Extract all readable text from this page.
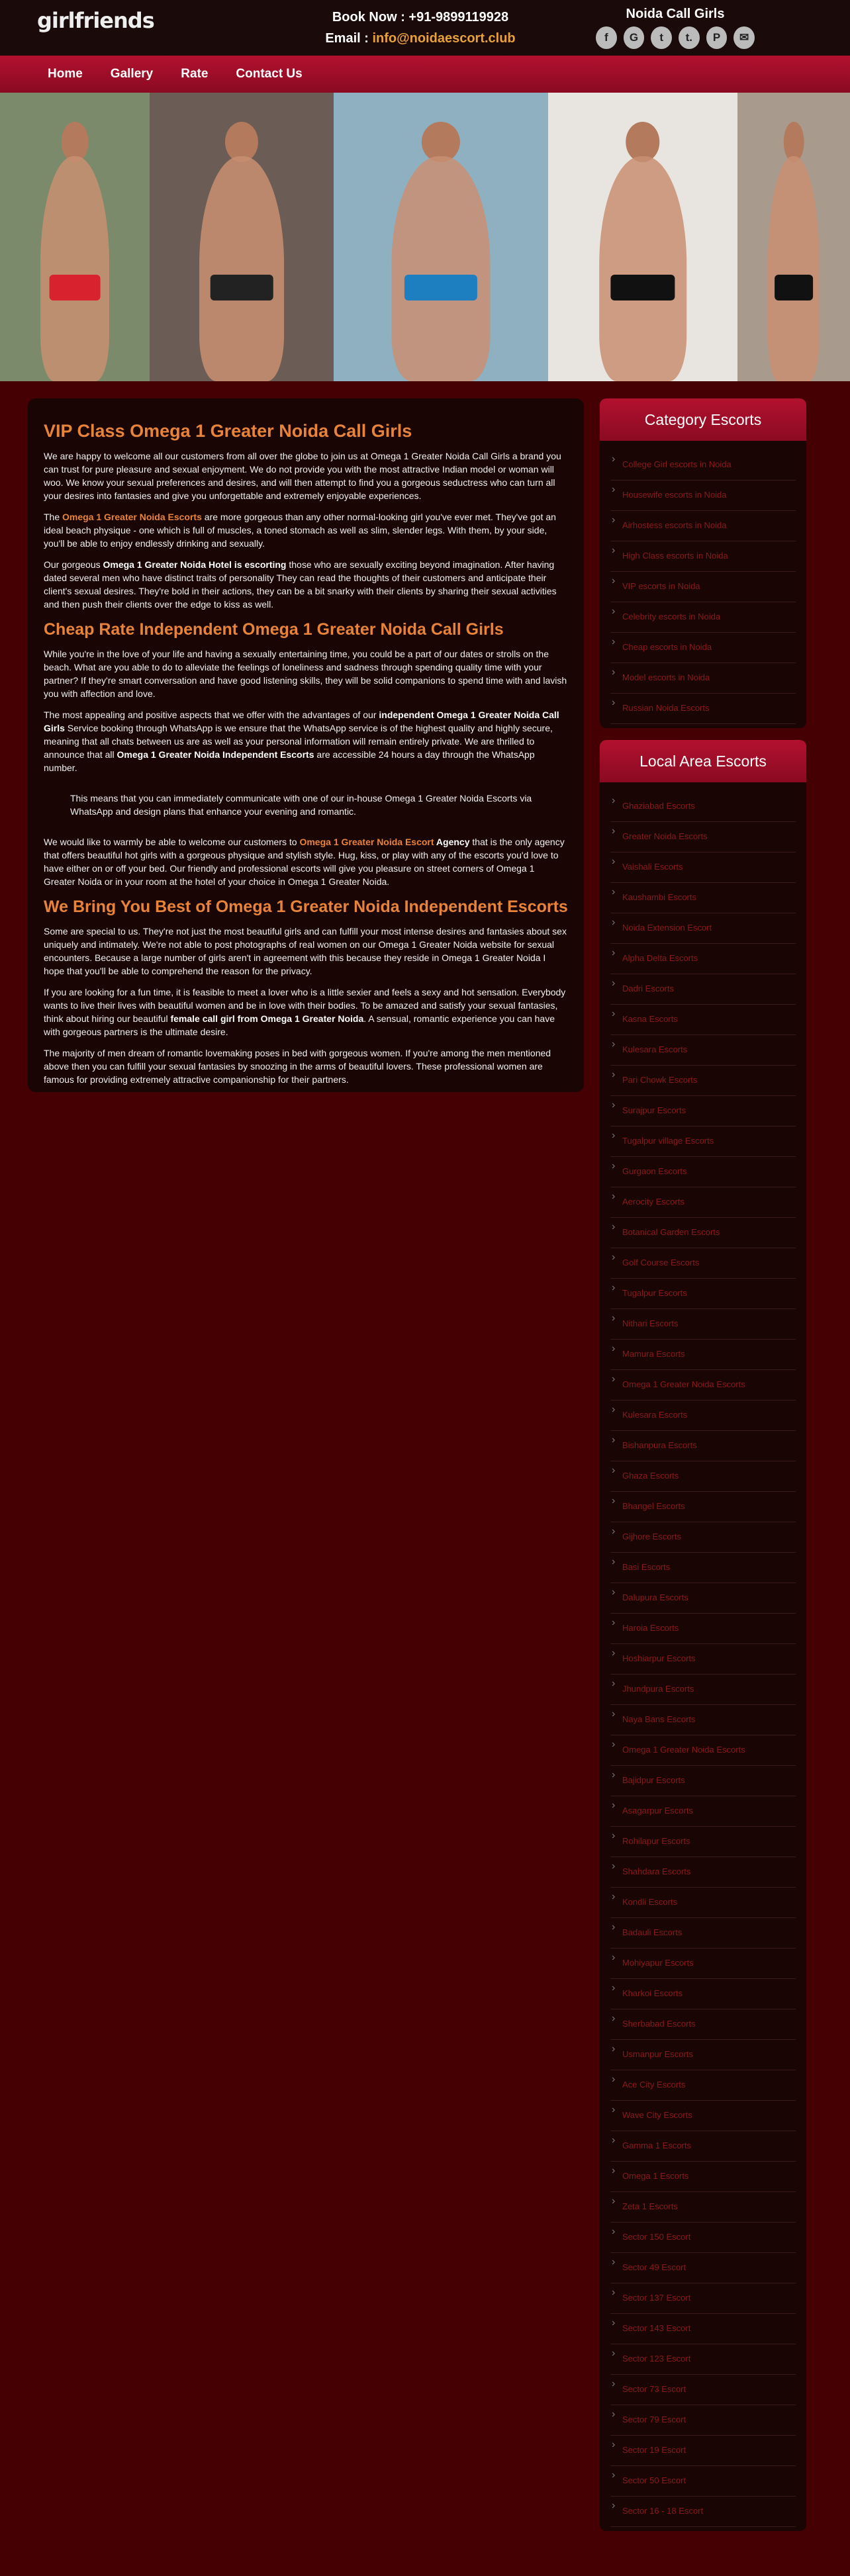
girlfriends	Book Now : +91-9899119928
Email : info@noidaescort.club
Noida Call Girls
f	G	t	t.	P	✉
Home Gallery Rate Contact Us
VIP Class Omega 1 Greater Noida Call Girls

We are happy to welcome all our customers from all over the globe to join us at Omega 1 Greater Noida Call Girls a brand you can trust for pure pleasure and sexual enjoyment. We do not provide you with the most attractive Indian model or woman will woo. We know your sexual preferences and desires, and will then attempt to find you a gorgeous seductress who can turn all your desires into fantasies and give you unforgettable and extremely enjoyable experiences.

The Omega 1 Greater Noida Escorts are more gorgeous than any other normal-looking girl you've ever met. They've got an ideal beach physique - one which is full of muscles, a toned stomach as well as slim, slender legs. With them, by your side, you'll be able to enjoy endlessly drinking and sexually.

Our gorgeous Omega 1 Greater Noida Hotel is escorting those who are sexually exciting beyond imagination. After having dated several men who have distinct traits of personality They can read the thoughts of their customers and anticipate their client's sexual desires. They're bold in their actions, they can be a bit snarky with their clients by sharing their sexual activities and then push their clients over the edge to kiss as well.

Cheap Rate Independent Omega 1 Greater Noida Call Girls

While you're in the love of your life and having a sexually entertaining time, you could be a part of our dates or strolls on the beach. What are you able to do to alleviate the feelings of loneliness and sadness through spending quality time with your partner? If they're smart conversation and have good listening skills, they will be solid companions to spend time with and lavish you with affection and love.

The most appealing and positive aspects that we offer with the advantages of our independent Omega 1 Greater Noida Call Girls Service booking through WhatsApp is we ensure that the WhatsApp service is of the highest quality and highly secure, meaning that all chats between us are as well as your personal information will remain entirely private. We are thrilled to announce that all Omega 1 Greater Noida Independent Escorts are accessible 24 hours a day through the WhatsApp number.

This means that you can immediately communicate with one of our in-house Omega 1 Greater Noida Escorts via WhatsApp and design plans that enhance your evening and romantic.

We would like to warmly be able to welcome our customers to Omega 1 Greater Noida Escort Agency that is the only agency that offers beautiful hot girls with a gorgeous physique and stylish style. Hug, kiss, or play with any of the escorts you'd love to have either on or off your bed. Our friendly and professional escorts will give you pleasure on street corners of Omega 1 Greater Noida or in your room at the hotel of your choice in Omega 1 Greater Noida.

We Bring You Best of Omega 1 Greater Noida Independent Escorts

Some are special to us. They're not just the most beautiful girls and can fulfill your most intense desires and fantasies about sex uniquely and intimately. We're not able to post photographs of real women on our Omega 1 Greater Noida website for sexual encounters. Because a large number of girls aren't in agreement with this because they reside in Omega 1 Greater Noida I hope that you'll be able to comprehend the reason for the privacy.

If you are looking for a fun time, it is feasible to meet a lover who is a little sexier and feels a sexy and hot sensation. Everybody wants to live their lives with beautiful women and be in love with their bodies. To be amazed and satisfy your sexual fantasies, think about hiring our beautiful female call girl from Omega 1 Greater Noida. A sensual, romantic experience you can have with gorgeous partners is the ultimate desire.

The majority of men dream of romantic lovemaking poses in bed with gorgeous women. If you're among the men mentioned above then you can fulfill your sexual fantasies by snoozing in the arms of beautiful lovers. These professional women are famous for providing extremely attractive companionship for their partners.

Category Escorts
› College Girl escorts in Noida
› Housewife escorts in Noida
› Airhostess escorts in Noida
› High Class escorts in Noida
› VIP escorts in Noida
› Celebrity escorts in Noida
› Cheap escorts in Noida
› Model escorts in Noida
› Russian Noida Escorts
Local Area Escorts
› Ghaziabad Escorts
› Greater Noida Escorts
› Vaishali Escorts
› Kaushambi Escorts
› Noida Extension Escort
› Alpha Delta Escorts
› Dadri Escorts
› Kasna Escorts
› Kulesara Escorts
› Pari Chowk Escorts
› Surajpur Escorts
› Tugalpur village Escorts
› Gurgaon Escorts
› Aerocity Escorts
› Botanical Garden Escorts
› Golf Course Escorts
› Tugalpur Escorts
› Nithari Escorts
› Mamura Escorts
› Omega 1 Greater Noida Escorts
› Kulesara Escorts
› Bishanpura Escorts
› Ghaza Escorts
› Bhangel Escorts
› Gijhore Escorts
› Basi Escorts
› Dalupura Escorts
› Haroia Escorts
› Hoshiarpur Escorts
› Jhundpura Escorts
› Naya Bans Escorts
› Omega 1 Greater Noida Escorts
› Bajidpur Escorts
› Asagarpur Escorts
› Rohilapur Escorts
› Shahdara Escorts
› Kondli Escorts
› Badauli Escorts
› Mohiyapur Escorts
› Kharkoi Escorts
› Sherbabad Escorts
› Usmanpur Escorts
› Ace City Escorts
› Wave City Escorts
› Gamma 1 Escorts
› Omega 1 Escorts
› Zeta 1 Escorts
› Sector 150 Escort
› Sector 49 Escort
› Sector 137 Escort
› Sector 143 Escort
› Sector 123 Escort
› Sector 73 Escort
› Sector 79 Escort
› Sector 19 Escort
› Sector 50 Escort
› Sector 16 - 18 Escort
